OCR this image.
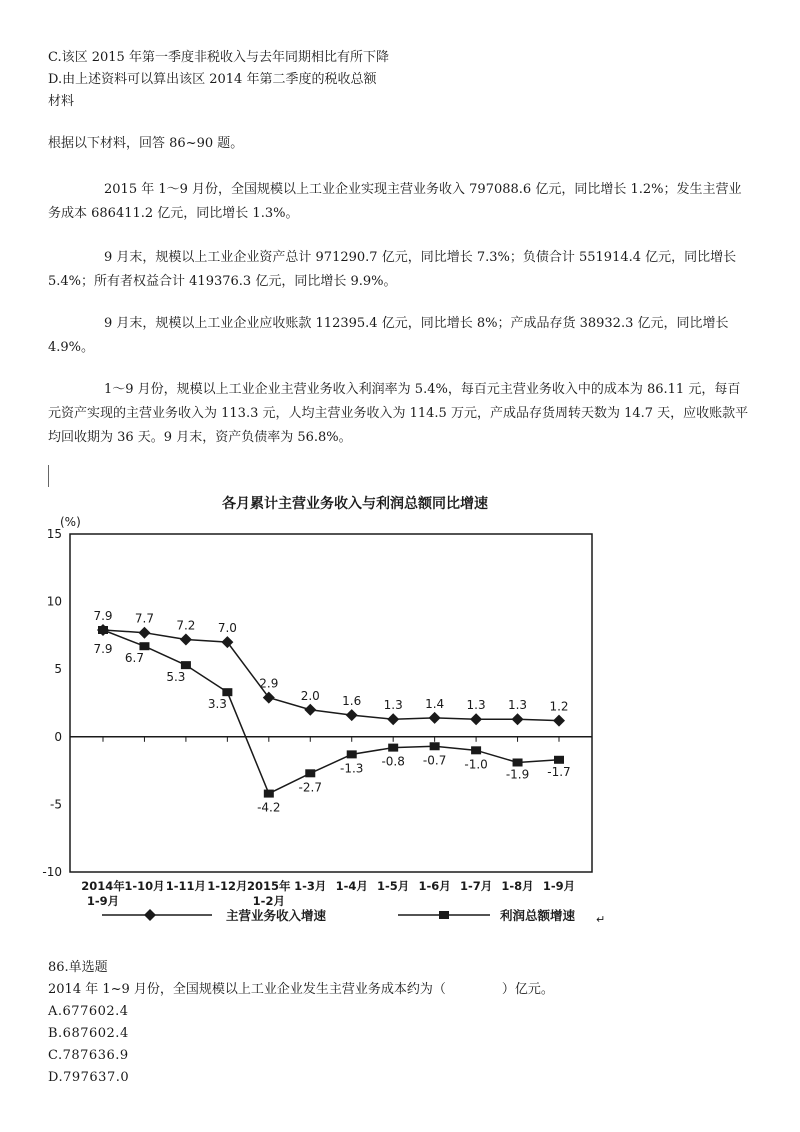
C.该区 2015 年第一季度非税收入与去年同期相比有所下降
D.由上述资料可以算出该区 2014 年第二季度的税收总额
材料
根据以下材料，回答 86~90 题。
2015 年 1～9 月份，全国规模以上工业企业实现主营业务收入 797088.6 亿元，同比增长 1.2%；发生主营业务成本 686411.2 亿元，同比增长 1.3%。
9 月末，规模以上工业企业资产总计 971290.7 亿元，同比增长 7.3%；负债合计 551914.4 亿元，同比增长 5.4%；所有者权益合计 419376.3 亿元，同比增长 9.9%。
9 月末，规模以上工业企业应收账款 112395.4 亿元，同比增长 8%；产成品存货 38932.3 亿元，同比增长 4.9%。
1～9 月份，规模以上工业企业主营业务收入利润率为 5.4%，每百元主营业务收入中的成本为 86.11 元，每百元资产实现的主营业务收入为 113.3 元，人均主营业务收入为 114.5 万元，产成品存货周转天数为 14.7 天，应收账款平均回收期为 36 天。9 月末，资产负债率为 56.8%。
各月累计主营业务收入与利润总额同比增速
(%)
15
10
5
0
-5
-10
2014年 1-9月
1-10月 1-11月 1-12月 2015年 1-2月
1-3月 1-4月 1-5月 1-6月 1-7月 1-8月 1-9月
7.9 7.7 7.2 7.0
2.9
2.0 1.6 1.3 1.4 1.3 1.3 1.2
7.9
6.7
5.3
3.3
-4.2
-2.7
-1.3 -0.8 -0.7 -1.0
-1.9 -1.7
主营业务收入增速	利润总额增速 ↵
86.单选题
2014 年 1~9 月份，全国规模以上工业企业发生主营业务成本约为（	）亿元。
A.677602.4
B.687602.4
C.787636.9
D.797637.0
